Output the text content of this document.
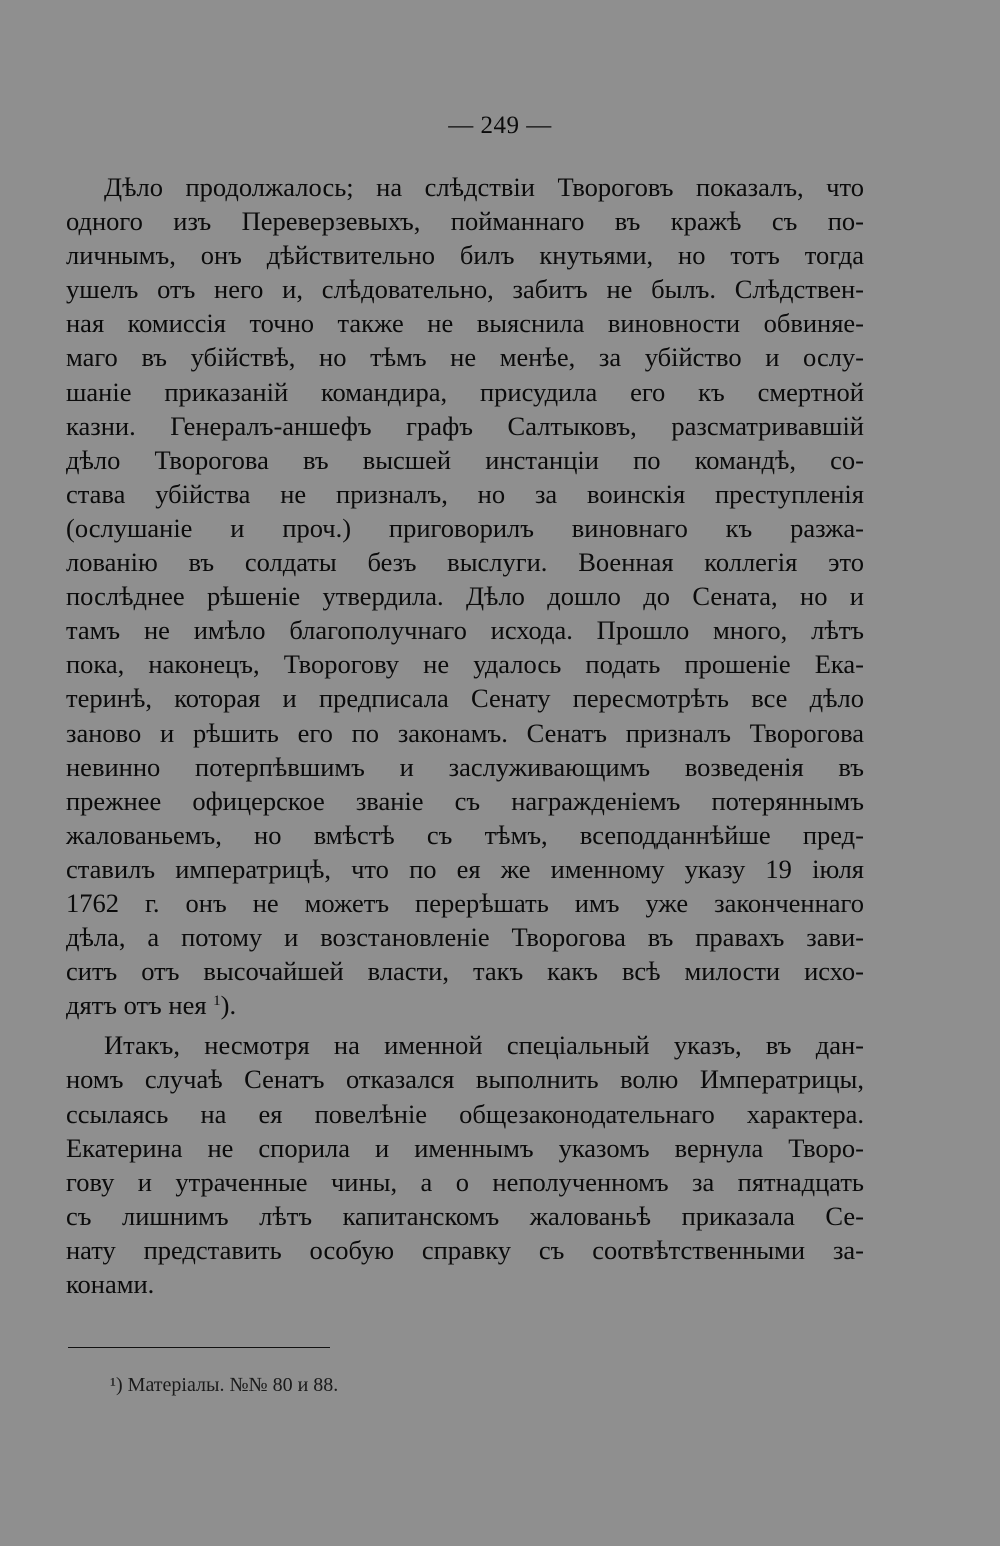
— 249 —
Дѣло продолжалось; на слѣдствіи Твороговъ показалъ, что
одного изъ Переверзевыхъ, пойманнаго въ кражѣ съ по-
личнымъ, онъ дѣйствительно билъ кнутьями, но тотъ тогда
ушелъ отъ него и, слѣдовательно, забитъ не былъ. Слѣдствен-
ная комиссія точно также не выяснила виновности обвиняе-
маго въ убійствѣ, но тѣмъ не менѣе, за убійство и ослу-
шаніе приказаній командира, присудила его къ смертной
казни. Генералъ-аншефъ графъ Салтыковъ, разсматривавшій
дѣло Творогова въ высшей инстанціи по командѣ, со-
става убійства не призналъ, но за воинскія преступленія
(ослушаніе и проч.) приговорилъ виновнаго къ разжа-
лованію въ солдаты безъ выслуги. Военная коллегія это
послѣднее рѣшеніе утвердила. Дѣло дошло до Сената, но и
тамъ не имѣло благополучнаго исхода. Прошло много, лѣтъ
пока, наконецъ, Творогову не удалось подать прошеніе Ека-
теринѣ, которая и предписала Сенату пересмотрѣть все дѣло
заново и рѣшить его по законамъ. Сенатъ призналъ Творогова
невинно потерпѣвшимъ и заслуживающимъ возведенія въ
прежнее офицерское званіе съ награжденіемъ потеряннымъ
жалованьемъ, но вмѣстѣ съ тѣмъ, всеподданнѣйше пред-
ставилъ императрицѣ, что по ея же именному указу 19 іюля
1762 г. онъ не можетъ перерѣшать имъ уже законченнаго
дѣла, а потому и возстановленіе Творогова въ правахъ зави-
ситъ отъ высочайшей власти, такъ какъ всѣ милости исхо-
дятъ отъ нея $^1$).
Итакъ, несмотря на именной спеціальный указъ, въ дан-
номъ случаѣ Сенатъ отказался выполнить волю Императрицы,
ссылаясь на ея повелѣніе общезаконодательнаго характера.
Екатерина не спорила и именнымъ указомъ вернула Творо-
гову и утраченные чины, а о неполученномъ за пятнадцать
съ лишнимъ лѣтъ капитанскомъ жалованьѣ приказала Се-
нату представить особую справку съ соотвѣтственными за-
конами.
¹) Матеріалы. №№ 80 и 88.
